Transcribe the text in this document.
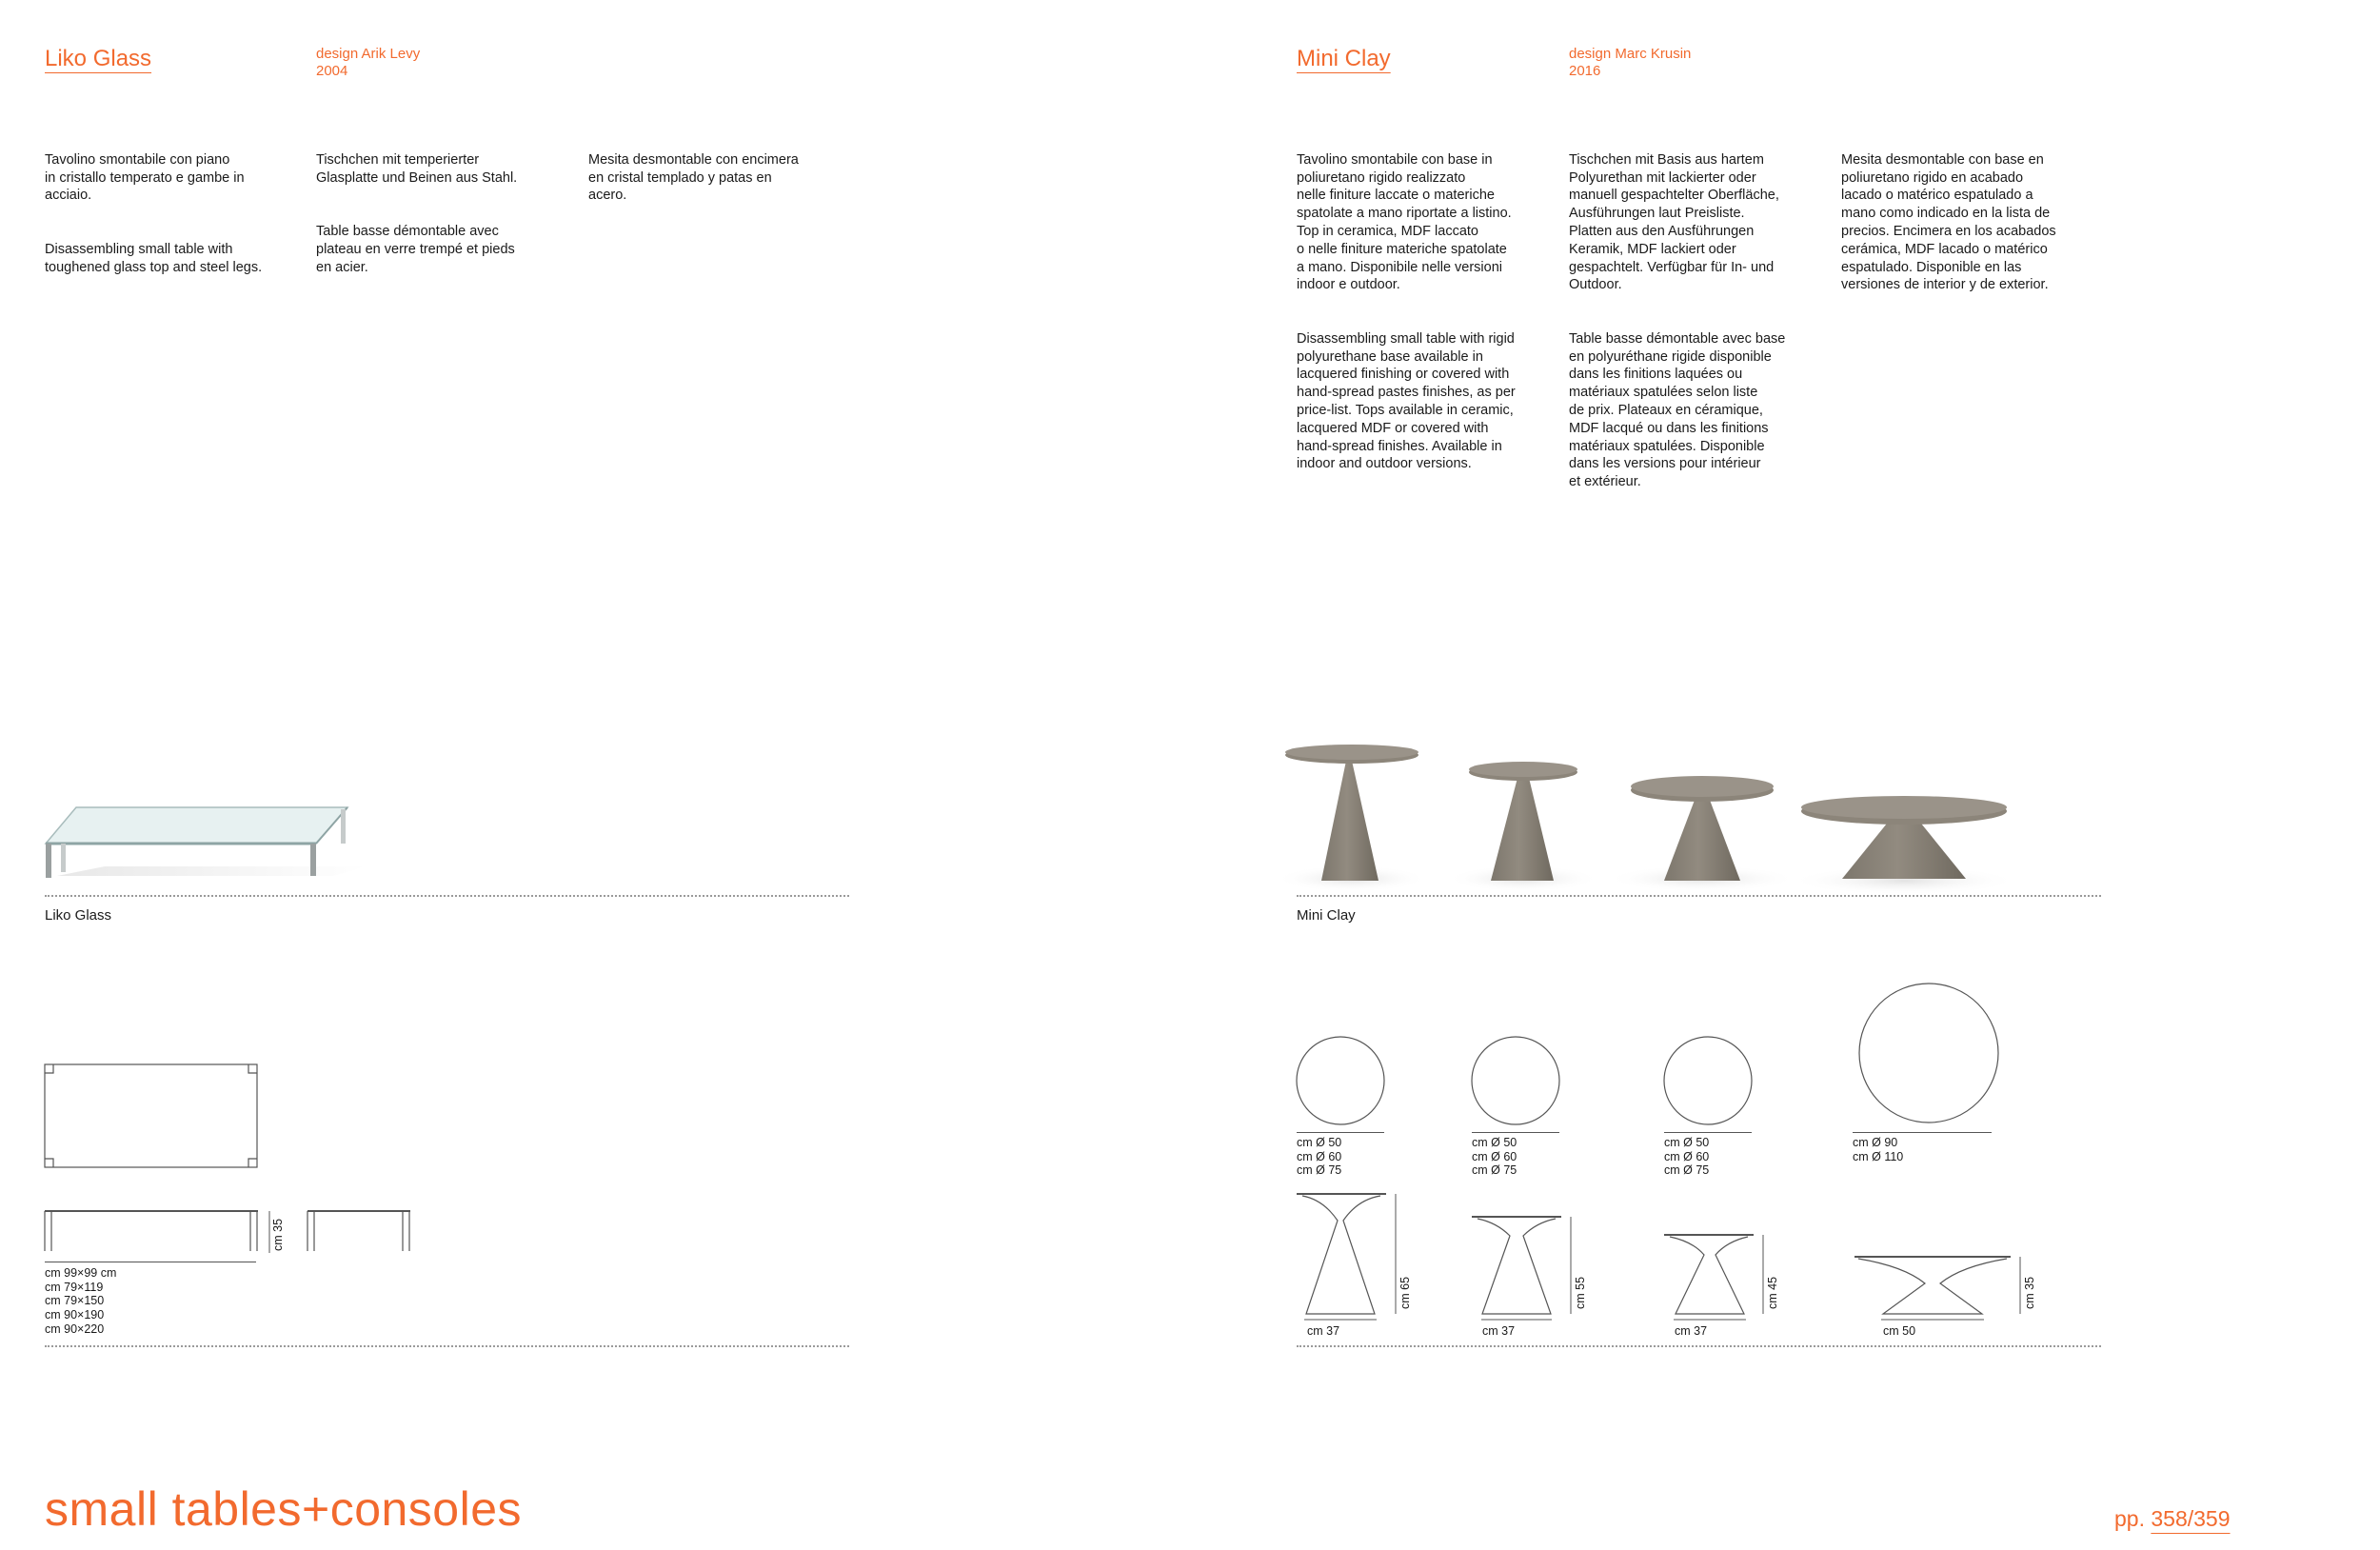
Liko Glass	design Arik Levy
2004

Tavolino smontabile con piano
in cristallo temperato e gambe in
acciaio.

Disassembling small table with
toughened glass top and steel legs.

Tischchen mit temperierter
Glasplatte und Beinen aus Stahl.

Table basse démontable avec
plateau en verre trempé et pieds
en acier.

Mesita desmontable con encimera
en cristal templado y patas en
acero.

Liko Glass
cm 35
cm 99×99 cm
cm 79×119
cm 79×150
cm 90×190
cm 90×220
Mini Clay	design Marc Krusin
2016

Tavolino smontabile con base in
poliuretano rigido realizzato
nelle finiture laccate o materiche
spatolate a mano riportate a listino.
Top in ceramica, MDF laccato
o nelle finiture materiche spatolate
a mano. Disponibile nelle versioni
indoor e outdoor.

Disassembling small table with rigid
polyurethane base available in
lacquered finishing or covered with
hand-spread pastes finishes, as per
price-list. Tops available in ceramic,
lacquered MDF or covered with
hand-spread finishes. Available in
indoor and outdoor versions.

Tischchen mit Basis aus hartem
Polyurethan mit lackierter oder
manuell gespachtelter Oberfläche,
Ausführungen laut Preisliste.
Platten aus den Ausführungen
Keramik, MDF lackiert oder
gespachtelt. Verfügbar für In- und
Outdoor.

Table basse démontable avec base
en polyuréthane rigide disponible
dans les finitions laquées ou
matériaux spatulées selon liste
de prix. Plateaux en céramique,
MDF lacqué ou dans les finitions
matériaux spatulées. Disponible
dans les versions pour intérieur
et extérieur.

Mesita desmontable con base en
poliuretano rigido en acabado
lacado o matérico espatulado a
mano como indicado en la lista de
precios. Encimera en los acabados
cerámica, MDF lacado o matérico
espatulado. Disponible en las
versiones de interior y de exterior.

Mini Clay
cm Ø 50
cm Ø 60
cm Ø 75
cm Ø 50
cm Ø 60
cm Ø 75
cm Ø 50
cm Ø 60
cm Ø 75
cm Ø 90
cm Ø 110
cm 65	cm 55	cm 45	cm 35
cm 37	cm 37	cm 37	cm 50
small tables+consoles	pp. 358/359
